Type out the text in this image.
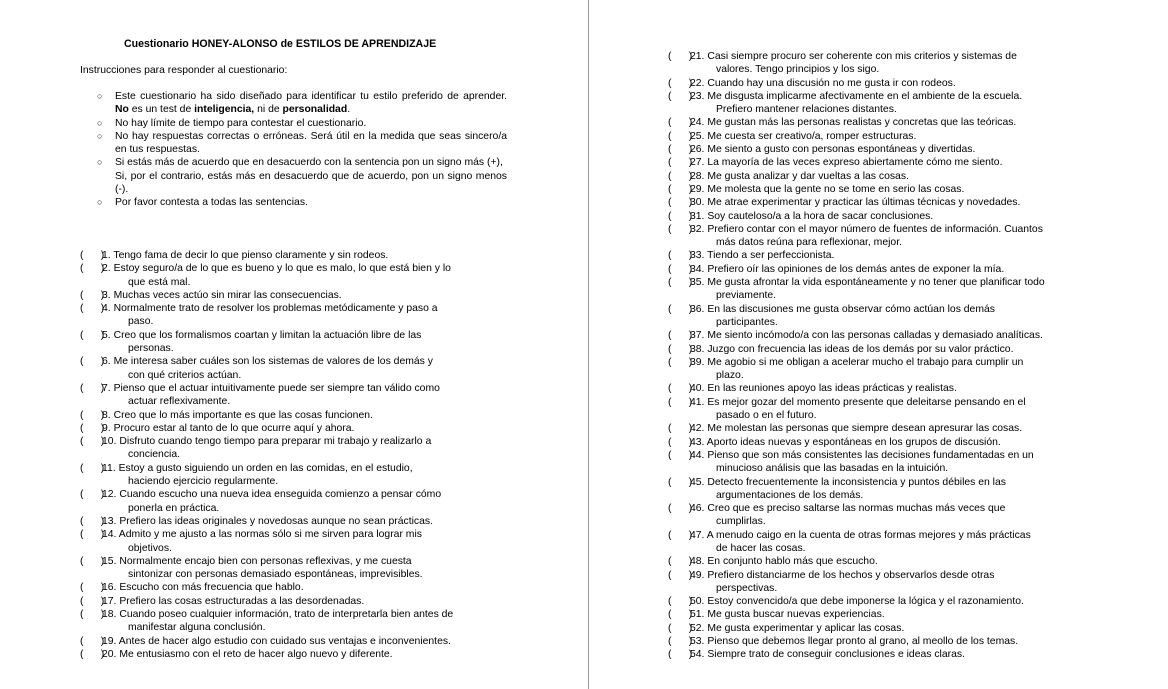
Cuestionario HONEY-ALONSO de ESTILOS DE APRENDIZAJE
Instrucciones para responder al cuestionario:
○ Este cuestionario ha sido diseñado para identificar tu estilo preferido de aprender. No es un test de inteligencia, ni de personalidad.
○ No hay límite de tiempo para contestar el cuestionario.
○ No hay respuestas correctas o erróneas. Será útil en la medida que seas sincero/a en tus respuestas.
○ Si estás más de acuerdo que en desacuerdo con la sentencia pon un signo más (+),
Si, por el contrario, estás más en desacuerdo que de acuerdo, pon un signo menos (-).
○ Por favor contesta a todas las sentencias.
(      )
1. Tengo fama de decir lo que pienso claramente y sin rodeos.
(      )
2. Estoy seguro/a de lo que es bueno y lo que es malo, lo que está bien y lo
que está mal.
(      )
3. Muchas veces actúo sin mirar las consecuencias.
(      )
4. Normalmente trato de resolver los problemas metódicamente y paso a
paso.
(      )
5. Creo que los formalismos coartan y limitan la actuación libre de las
personas.
(      )
6. Me interesa saber cuáles son los sistemas de valores de los demás y
con qué criterios actúan.
(      )
7. Pienso que el actuar intuitivamente puede ser siempre tan válido como
actuar reflexivamente.
(      )
8. Creo que lo más importante es que las cosas funcionen.
(      )
9. Procuro estar al tanto de lo que ocurre aquí y ahora.
(      )
10. Disfruto cuando tengo tiempo para preparar mi trabajo y realizarlo a
conciencia.
(      )
11. Estoy a gusto siguiendo un orden en las comidas, en el estudio,
haciendo ejercicio regularmente.
(      )
12. Cuando escucho una nueva idea enseguida comienzo a pensar cómo
ponerla en práctica.
(      )
13. Prefiero las ideas originales y novedosas aunque no sean prácticas.
(      )
14. Admito y me ajusto a las normas sólo si me sirven para lograr mis
objetivos.
(      )
15. Normalmente encajo bien con personas reflexivas, y me cuesta
sintonizar con personas demasiado espontáneas, imprevisibles.
(      )
16. Escucho con más frecuencia que hablo.
(      )
17. Prefiero las cosas estructuradas a las desordenadas.
(      )
18. Cuando poseo cualquier información, trato de interpretarla bien antes de
manifestar alguna conclusión.
(      )
19. Antes de hacer algo estudio con cuidado sus ventajas e inconvenientes.
(      )
20. Me entusiasmo con el reto de hacer algo nuevo y diferente.
(      )
21. Casi siempre procuro ser coherente con mis criterios y sistemas de
valores. Tengo principios y los sigo.
(      )
22. Cuando hay una discusión no me gusta ir con rodeos.
(      )
23. Me disgusta implicarme afectivamente en el ambiente de la escuela.
Prefiero mantener relaciones distantes.
(      )
24. Me gustan más las personas realistas y concretas que las teóricas.
(      )
25. Me cuesta ser creativo/a, romper estructuras.
(      )
26. Me siento a gusto con personas espontáneas y divertidas.
(      )
27. La mayoría de las veces expreso abiertamente cómo me siento.
(      )
28. Me gusta analizar y dar vueltas a las cosas.
(      )
29. Me molesta que la gente no se tome en serio las cosas.
(      )
30. Me atrae experimentar y practicar las últimas técnicas y novedades.
(      )
31. Soy cauteloso/a a la hora de sacar conclusiones.
(      )
32. Prefiero contar con el mayor número de fuentes de información. Cuantos
más datos reúna para reflexionar, mejor.
(      )
33. Tiendo a ser perfeccionista.
(      )
34. Prefiero oír las opiniones de los demás antes de exponer la mía.
(      )
35. Me gusta afrontar la vida espontáneamente y no tener que planificar todo
previamente.
(      )
36. En las discusiones me gusta observar cómo actúan los demás
participantes.
(      )
37. Me siento incómodo/a con las personas calladas y demasiado analíticas.
(      )
38. Juzgo con frecuencia las ideas de los demás por su valor práctico.
(      )
39. Me agobio si me obligan a acelerar mucho el trabajo para cumplir un
plazo.
(      )
40. En las reuniones apoyo las ideas prácticas y realistas.
(      )
41. Es mejor gozar del momento presente que deleitarse pensando en el
pasado o en el futuro.
(      )
42. Me molestan las personas que siempre desean apresurar las cosas.
(      )
43. Aporto ideas nuevas y espontáneas en los grupos de discusión.
(      )
44. Pienso que son más consistentes las decisiones fundamentadas en un
minucioso análisis que las basadas en la intuición.
(      )
45. Detecto frecuentemente la inconsistencia y puntos débiles en las
argumentaciones de los demás.
(      )
46. Creo que es preciso saltarse las normas muchas más veces que
cumplirlas.
(      )
47. A menudo caigo en la cuenta de otras formas mejores y más prácticas
de hacer las cosas.
(      )
48. En conjunto hablo más que escucho.
(      )
49. Prefiero distanciarme de los hechos y observarlos desde otras
perspectivas.
(      )
50. Estoy convencido/a que debe imponerse la lógica y el razonamiento.
(      )
51. Me gusta buscar nuevas experiencias.
(      )
52. Me gusta experimentar y aplicar las cosas.
(      )
53. Pienso que debemos llegar pronto al grano, al meollo de los temas.
(      )
54. Siempre trato de conseguir conclusiones e ideas claras.
